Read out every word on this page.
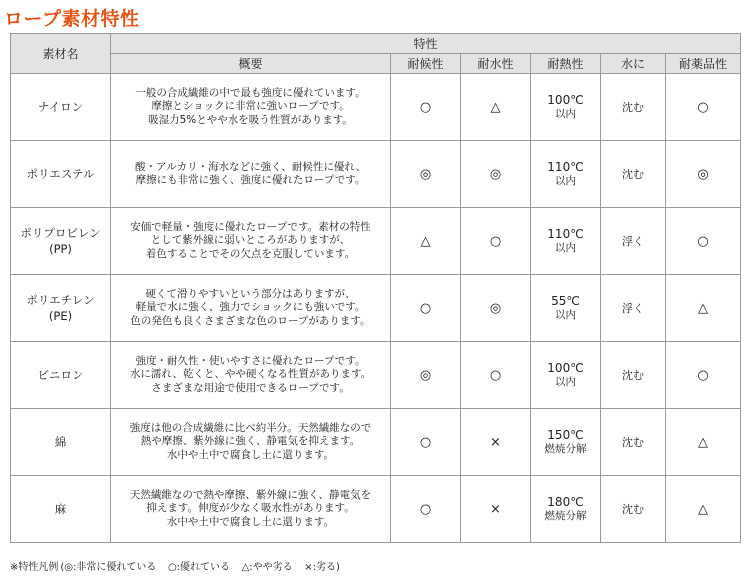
ロープ素材特性
素材名	特性					
	概要	耐候性	耐水性	耐熱性	水に	耐薬品性

ナイロン	一般の合成繊維の中で最も強度に優れています。
摩擦とショックに非常に強いロープです。
吸湿力5%とやや水を吸う性質があります。	○	△	100℃
以内	沈む	○

ポリエステル	酸・アルカリ・海水などに強く、耐候性に優れ、
摩擦にも非常に強く、強度に優れたロープです。	◎	◎	110℃
以内	沈む	◎

ポリプロピレン
(PP)	安価で軽量・強度に優れたロープです。素材の特性
として紫外線に弱いところがありますが、
着色することでその欠点を克服しています。	△	○	110℃
以内	浮く	○

ポリエチレン
(PE)	硬くて滑りやすいという部分はありますが、
軽量で水に強く、強力でショックにも強いです。
色の発色も良くさまざまな色のロープがあります。	○	◎	55℃
以内	浮く	△

ビニロン	強度・耐久性・使いやすさに優れたロープです。
水に濡れ、乾くと、やや硬くなる性質があります。
さまざまな用途で使用できるロープです。	◎	○	100℃
以内	沈む	○

綿	強度は他の合成繊維に比べ約半分。天然繊維なので
熱や摩擦、紫外線に強く、静電気を抑えます。
水中や土中で腐食し土に還ります。	○	×	150℃
燃焼分解	沈む	△

麻	天然繊維なので熱や摩擦、紫外線に強く、静電気を
抑えます。伸度が少なく吸水性があります。
水中や土中で腐食し土に還ります。	○	×	180℃
燃焼分解	沈む	△
※特性凡例 (◎:非常に優れている ○:優れている △:やや劣る ×:劣る)
